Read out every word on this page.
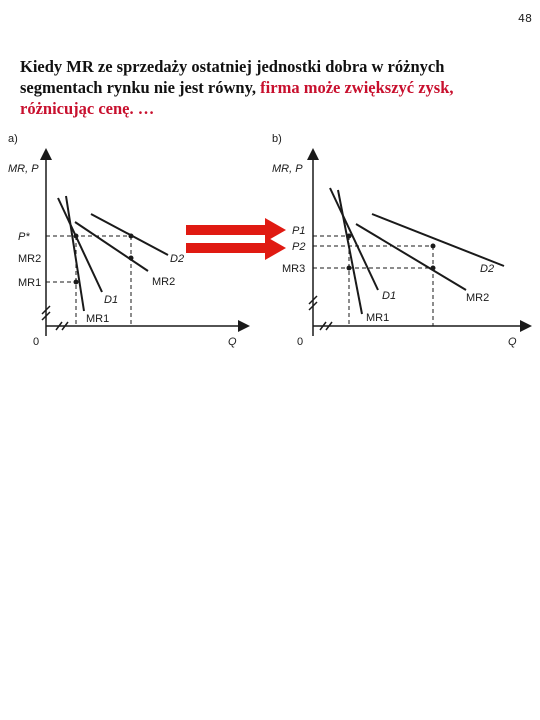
48

Kiedy MR ze sprzedaży ostatniej jednostki dobra w różnych segmentach rynku nie jest równy, firma może zwiększyć zysk, różnicując cenę. …

a)
MR, P
0	Q
P*
MR2
MR1
D1
MR1
D2
MR2
b)
MR, P
0	Q
P1
P2
MR3
D1
MR1
D2
MR2
